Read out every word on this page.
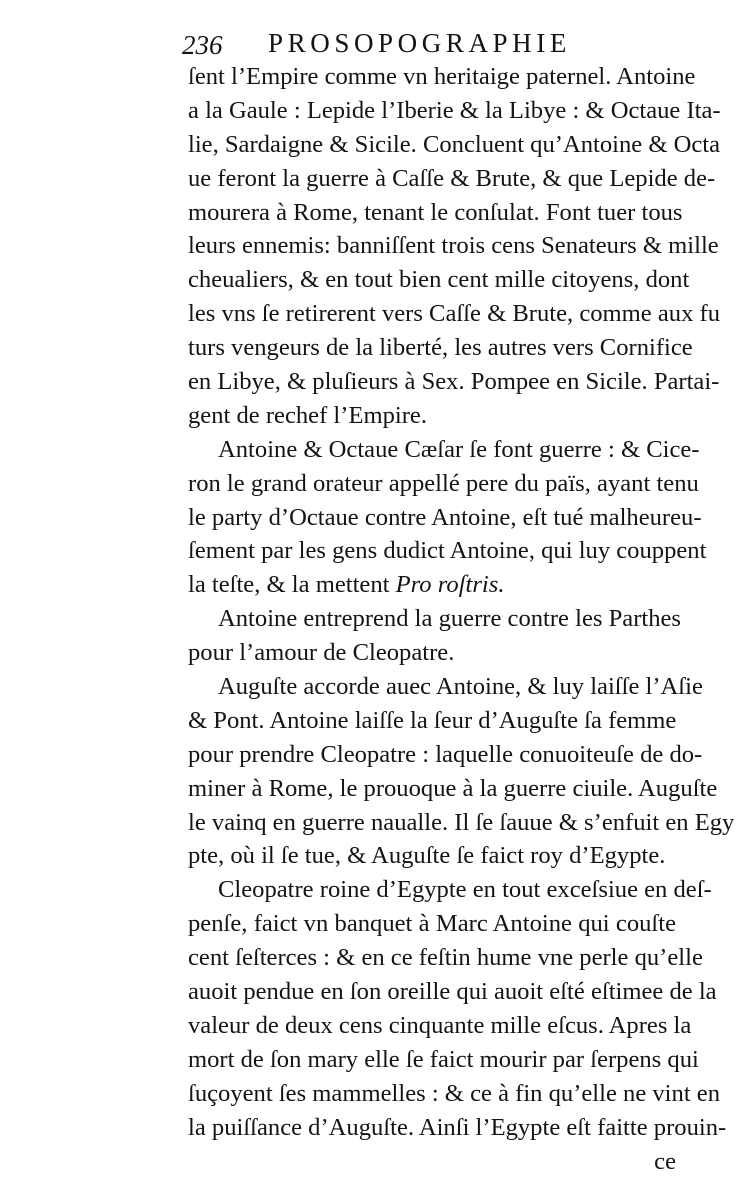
236 PROSOPOGRAPHIE
ſent l’Empire comme vn heritaige paternel. Antoine
a la Gaule : Lepide l’Iberie & la Libye : & Octaue Ita-
lie, Sardaigne & Sicile. Concluent qu’Antoine & Octa
ue feront la guerre à Caſſe & Brute, & que Lepide de-
mourera à Rome, tenant le conſulat. Font tuer tous
leurs ennemis: banniſſent trois cens Senateurs & mille
cheualiers, & en tout bien cent mille citoyens, dont
les vns ſe retirerent vers Caſſe & Brute, comme aux fu
turs vengeurs de la liberté, les autres vers Cornifice
en Libye, & pluſieurs à Sex. Pompee en Sicile. Partai-
gent de rechef l’Empire.
Antoine & Octaue Cæſar ſe font guerre : & Cice-
ron le grand orateur appellé pere du païs, ayant tenu
le party d’Octaue contre Antoine, eſt tué malheureu-
ſement par les gens dudict Antoine, qui luy couppent
la teſte, & la mettent Pro roſtris.
Antoine entreprend la guerre contre les Parthes
pour l’amour de Cleopatre.
Auguſte accorde auec Antoine, & luy laiſſe l’Aſie
& Pont. Antoine laiſſe la ſeur d’Auguſte ſa femme
pour prendre Cleopatre : laquelle conuoiteuſe de do-
miner à Rome, le prouoque à la guerre ciuile. Auguſte
le vainq en guerre naualle. Il ſe ſauue & s’enfuit en Egy
pte, où il ſe tue, & Auguſte ſe faict roy d’Egypte.
Cleopatre roine d’Egypte en tout exceſsiue en deſ-
penſe, faict vn banquet à Marc Antoine qui couſte
cent ſeſterces : & en ce feſtin hume vne perle qu’elle
auoit pendue en ſon oreille qui auoit eſté eſtimee de la
valeur de deux cens cinquante mille eſcus. Apres la
mort de ſon mary elle ſe faict mourir par ſerpens qui
ſuçoyent ſes mammelles : & ce à fin qu’elle ne vint en
la puiſſance d’Auguſte. Ainſi l’Egypte eſt faitte prouin-
ce
